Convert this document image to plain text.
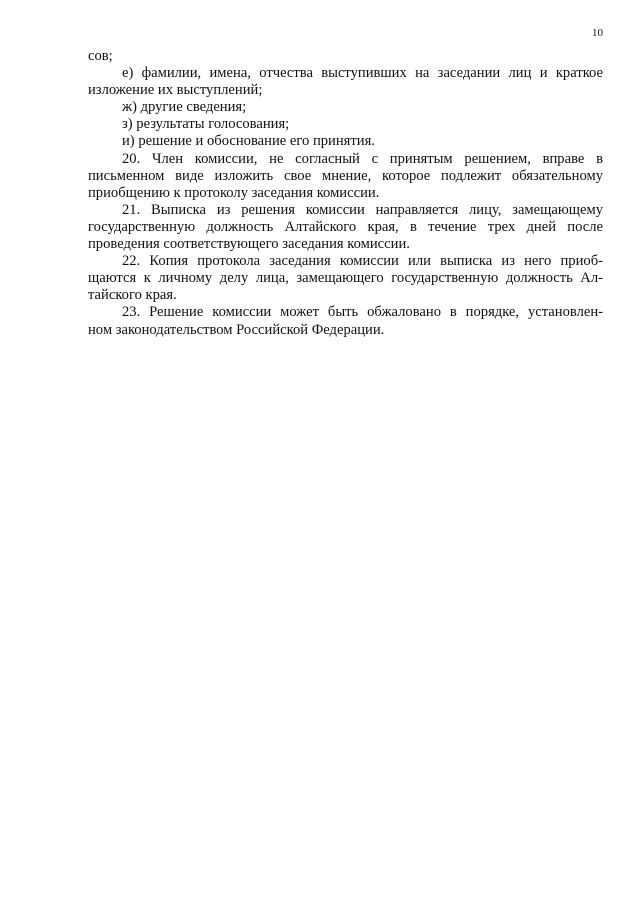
10
сов;
е) фамилии, имена, отчества выступивших на заседании лиц и краткое
изложение их выступлений;
ж) другие сведения;
з) результаты голосования;
и) решение и обоснование его принятия.
20. Член комиссии, не согласный с принятым решением, вправе в
письменном виде изложить свое мнение, которое подлежит обязательному
приобщению к протоколу заседания комиссии.
21. Выписка из решения комиссии направляется лицу, замещающему
государственную должность Алтайского края, в течение трех дней после
проведения соответствующего заседания комиссии.
22. Копия протокола заседания комиссии или выписка из него приоб-
щаются к личному делу лица, замещающего государственную должность Ал-
тайского края.
23. Решение комиссии может быть обжаловано в порядке, установлен-
ном законодательством Российской Федерации.
